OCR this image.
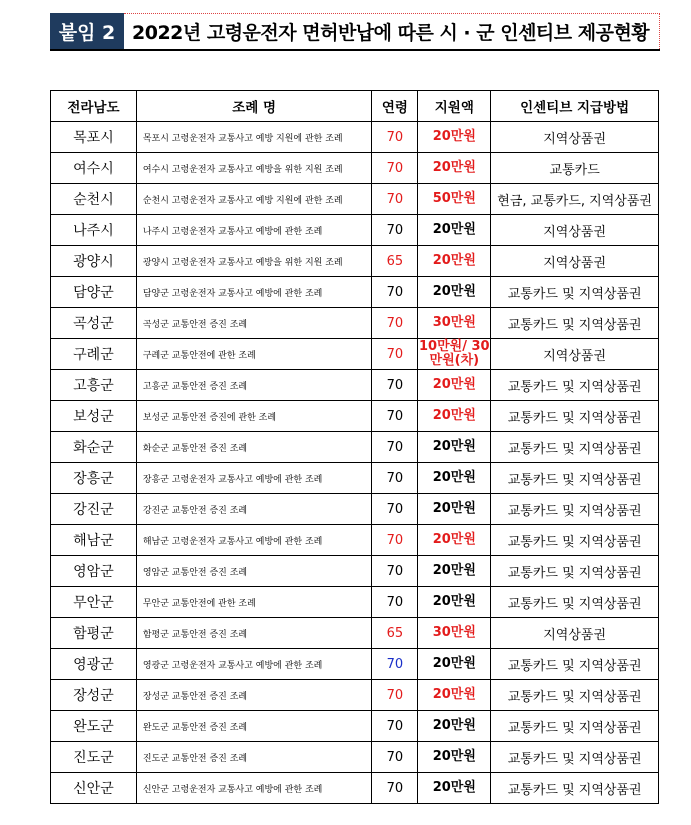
붙임 2 2022년 고령운전자 면허반납에 따른 시 · 군 인센티브 제공현황
전라남도	조례 명	연령	지원액	인센티브 지급방법
목포시	목포시 고령운전자 교통사고 예방 지원에 관한 조례	70	20만원	지역상품권
여수시	여수시 고령운전자 교통사고 예방을 위한 지원 조례	70	20만원	교통카드
순천시	순천시 고령운전자 교통사고 예방 지원에 관한 조례	70	50만원	현금, 교통카드, 지역상품권
나주시	나주시 고령운전자 교통사고 예방에 관한 조례	70	20만원	지역상품권
광양시	광양시 고령운전자 교통사고 예방을 위한 지원 조례	65	20만원	지역상품권
담양군	담양군 고령운전자 교통사고 예방에 관한 조례	70	20만원	교통카드 및 지역상품권
곡성군	곡성군 교통안전 증진 조례	70	30만원	교통카드 및 지역상품권
구례군	구례군 교통안전에 관한 조례	70	10만원/ 30만원(차)	지역상품권
고흥군	고흥군 교통안전 증진 조례	70	20만원	교통카드 및 지역상품권
보성군	보성군 교통안전 증진에 관한 조례	70	20만원	교통카드 및 지역상품권
화순군	화순군 교통안전 증진 조례	70	20만원	교통카드 및 지역상품권
장흥군	장흥군 고령운전자 교통사고 예방에 관한 조례	70	20만원	교통카드 및 지역상품권
강진군	강진군 교통안전 증진 조례	70	20만원	교통카드 및 지역상품권
해남군	해남군 고령운전자 교통사고 예방에 관한 조례	70	20만원	교통카드 및 지역상품권
영암군	영암군 교통안전 증진 조례	70	20만원	교통카드 및 지역상품권
무안군	무안군 교통안전에 관한 조례	70	20만원	교통카드 및 지역상품권
함평군	함평군 교통안전 증진 조례	65	30만원	지역상품권
영광군	영광군 고령운전자 교통사고 예방에 관한 조례	70	20만원	교통카드 및 지역상품권
장성군	장성군 교통안전 증진 조례	70	20만원	교통카드 및 지역상품권
완도군	완도군 교통안전 증진 조례	70	20만원	교통카드 및 지역상품권
진도군	진도군 교통안전 증진 조례	70	20만원	교통카드 및 지역상품권
신안군	신안군 고령운전자 교통사고 예방에 관한 조례	70	20만원	교통카드 및 지역상품권
